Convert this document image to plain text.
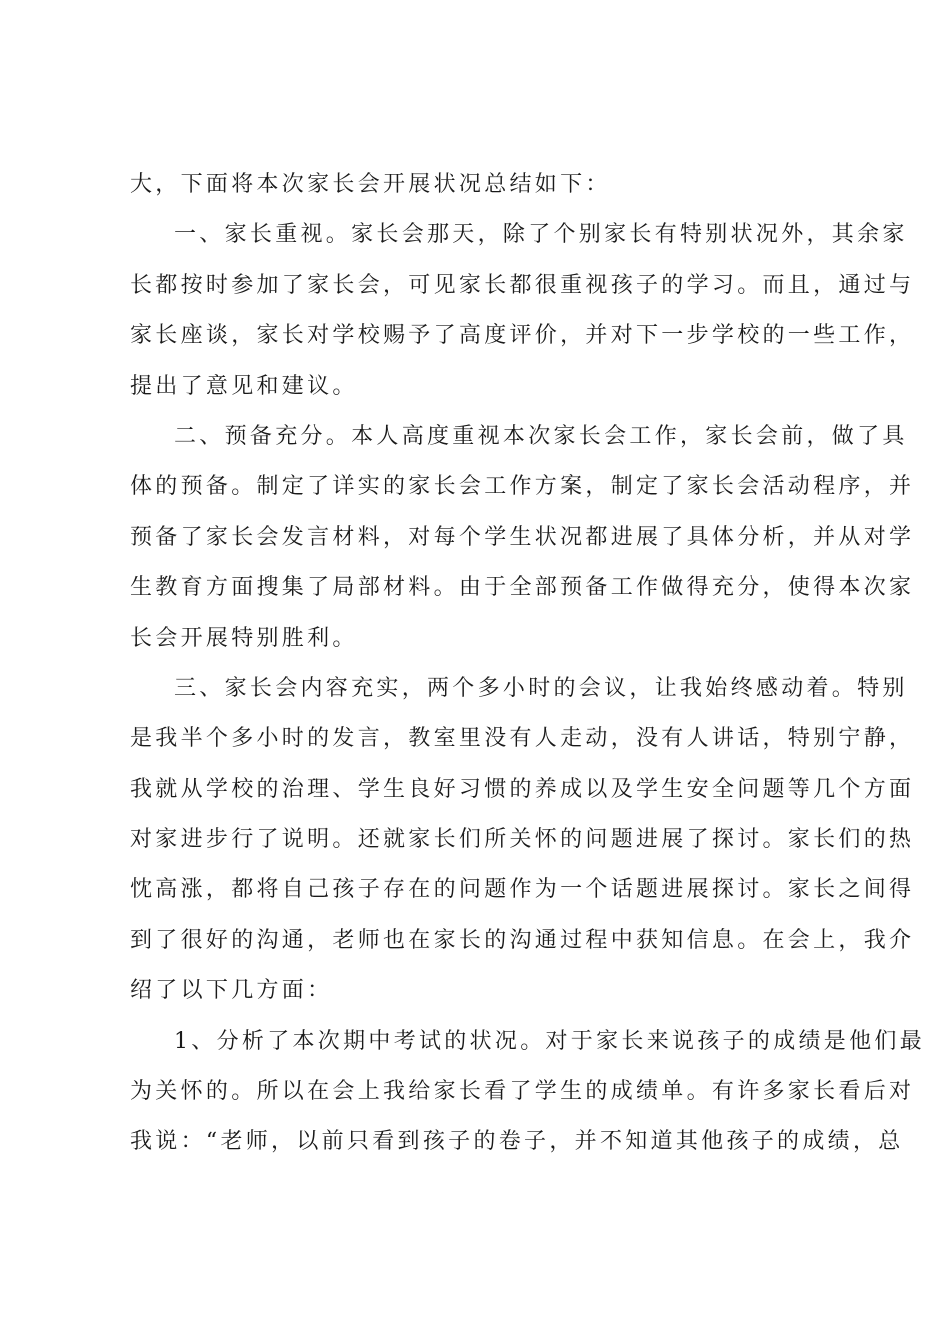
大，下面将本次家长会开展状况总结如下：
一、家长重视。家长会那天，除了个别家长有特别状况外，其余家
长都按时参加了家长会，可见家长都很重视孩子的学习。而且，通过与
家长座谈，家长对学校赐予了高度评价，并对下一步学校的一些工作，
提出了意见和建议。
二、预备充分。本人高度重视本次家长会工作，家长会前，做了具
体的预备。制定了详实的家长会工作方案，制定了家长会活动程序，并
预备了家长会发言材料，对每个学生状况都进展了具体分析，并从对学
生教育方面搜集了局部材料。由于全部预备工作做得充分，使得本次家
长会开展特别胜利。
三、家长会内容充实，两个多小时的会议，让我始终感动着。特别
是我半个多小时的发言，教室里没有人走动，没有人讲话，特别宁静，
我就从学校的治理、学生良好习惯的养成以及学生安全问题等几个方面
对家进步行了说明。还就家长们所关怀的问题进展了探讨。家长们的热
忱高涨，都将自己孩子存在的问题作为一个话题进展探讨。家长之间得
到了很好的沟通，老师也在家长的沟通过程中获知信息。在会上，我介
绍了以下几方面：
1、分析了本次期中考试的状况。对于家长来说孩子的成绩是他们最
为关怀的。所以在会上我给家长看了学生的成绩单。有许多家长看后对
我说：“老师，以前只看到孩子的卷子，并不知道其他孩子的成绩，总
